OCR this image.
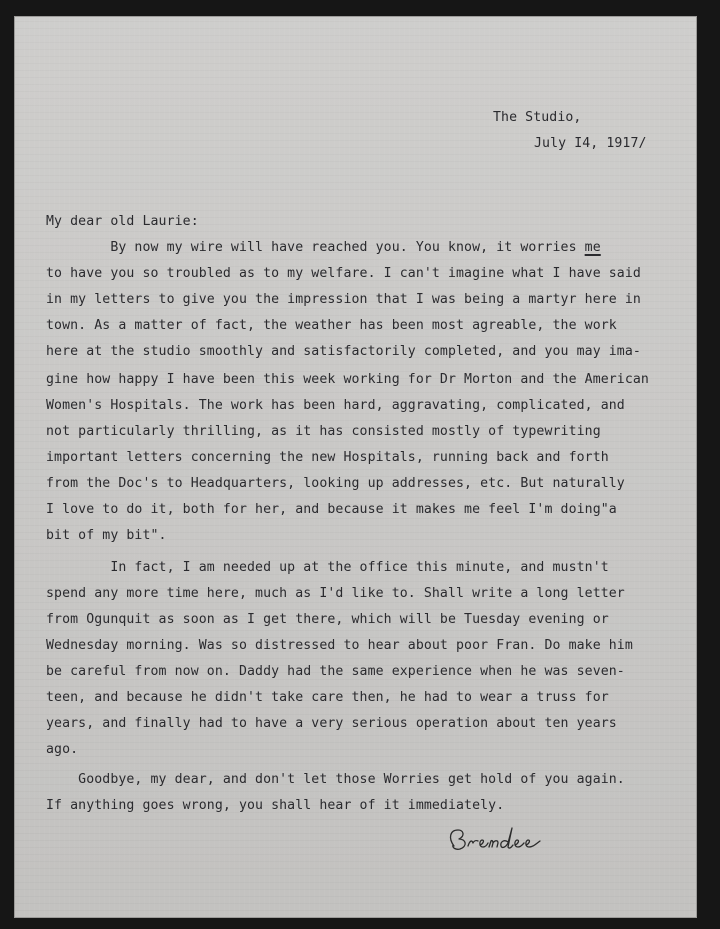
The Studio,
July I4, 1917/
My dear old Laurie:
By now my wire will have reached you. You know, it worries me
to have you so troubled as to my welfare. I can't imagine what I have said
in my letters to give you the impression that I was being a martyr here in
town. As a matter of fact, the weather has been most agreable, the work
here at the studio smoothly and satisfactorily completed, and you may ima-
gine how happy I have been this week working for Dr Morton and the American
Women's Hospitals. The work has been hard, aggravating, complicated, and
not particularly thrilling, as it has consisted mostly of typewriting
important letters concerning the new Hospitals, running back and forth
from the Doc's to Headquarters, looking up addresses, etc. But naturally
I love to do it, both for her, and because it makes me feel I'm doing"a
bit of my bit".
In fact, I am needed up at the office this minute, and mustn't
spend any more time here, much as I'd like to. Shall write a long letter
from Ogunquit as soon as I get there, which will be Tuesday evening or
Wednesday morning. Was so distressed to hear about poor Fran. Do make him
be careful from now on. Daddy had the same experience when he was seven-
teen, and because he didn't take care then, he had to wear a truss for
years, and finally had to have a very serious operation about ten years
ago.
Goodbye, my dear, and don't let those Worries get hold of you again.
If anything goes wrong, you shall hear of it immediately.
